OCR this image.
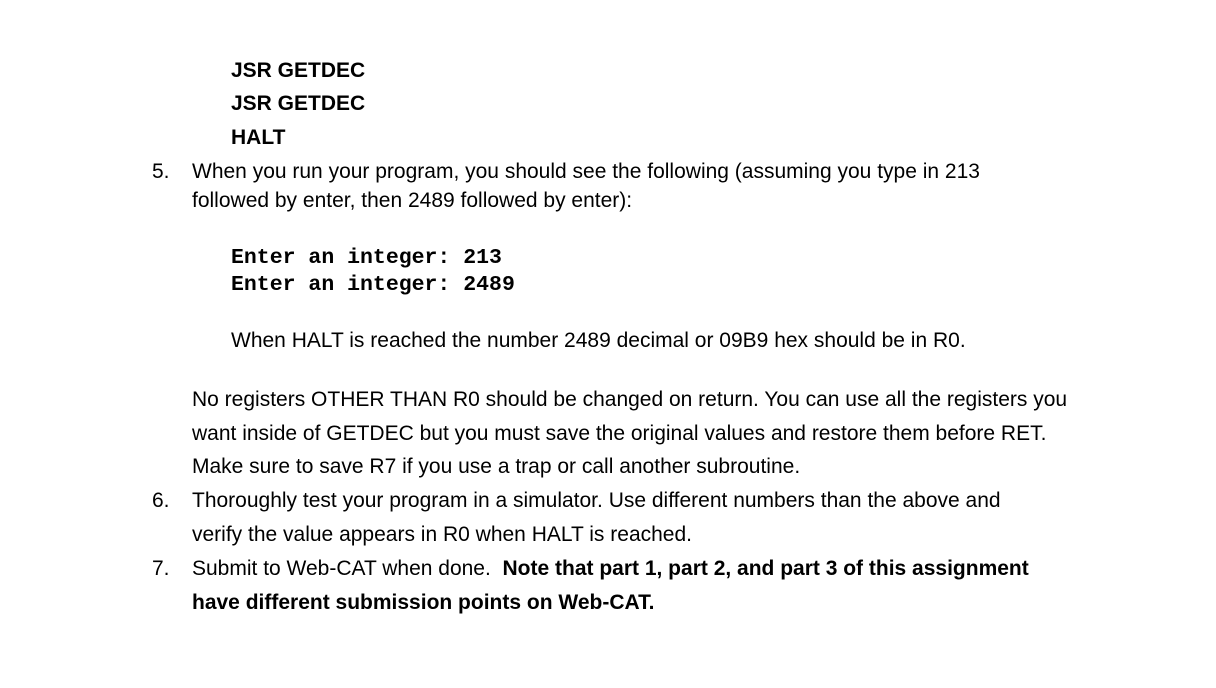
JSR GETDEC
JSR GETDEC
HALT
5. When you run your program, you should see the following (assuming you type in 213
followed by enter, then 2489 followed by enter):
Enter an integer: 213
Enter an integer: 2489
When HALT is reached the number 2489 decimal or 09B9 hex should be in R0.
No registers OTHER THAN R0 should be changed on return. You can use all the registers you
want inside of GETDEC but you must save the original values and restore them before RET.
Make sure to save R7 if you use a trap or call another subroutine.
6. Thoroughly test your program in a simulator. Use different numbers than the above and
verify the value appears in R0 when HALT is reached.
7. Submit to Web-CAT when done.  Note that part 1, part 2, and part 3 of this assignment
have different submission points on Web-CAT.
